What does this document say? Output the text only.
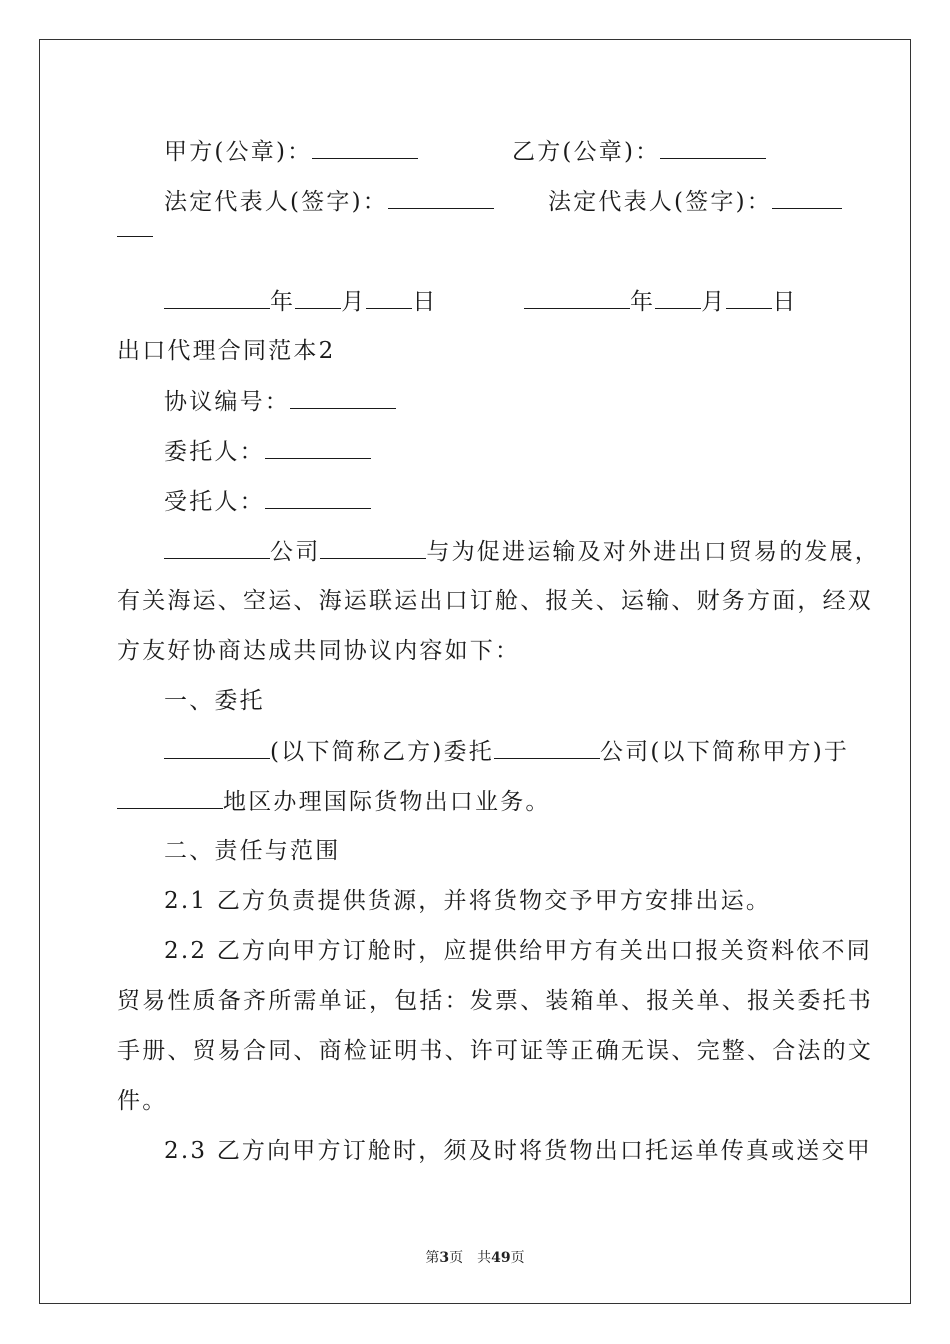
甲方(公章)：	乙方(公章)：
法定代表人(签字)：	法定代表人(签字)：
年 月 日	年 月 日
出口代理合同范本2
协议编号：
委托人：
受托人：
公司	与为促进运输及对外进出口贸易的发展，
有关海运、空运、海运联运出口订舱、报关、运输、财务方面，经双
方友好协商达成共同协议内容如下：
一、委托
(以下简称乙方)委托	公司(以下简称甲方)于
地区办理国际货物出口业务。
二、责任与范围
2.1 乙方负责提供货源，并将货物交予甲方安排出运。
2.2 乙方向甲方订舱时，应提供给甲方有关出口报关资料依不同
贸易性质备齐所需单证，包括：发票、装箱单、报关单、报关委托书
手册、贸易合同、商检证明书、许可证等正确无误、完整、合法的文
件。
2.3 乙方向甲方订舱时，须及时将货物出口托运单传真或送交甲
第3页　共49页
